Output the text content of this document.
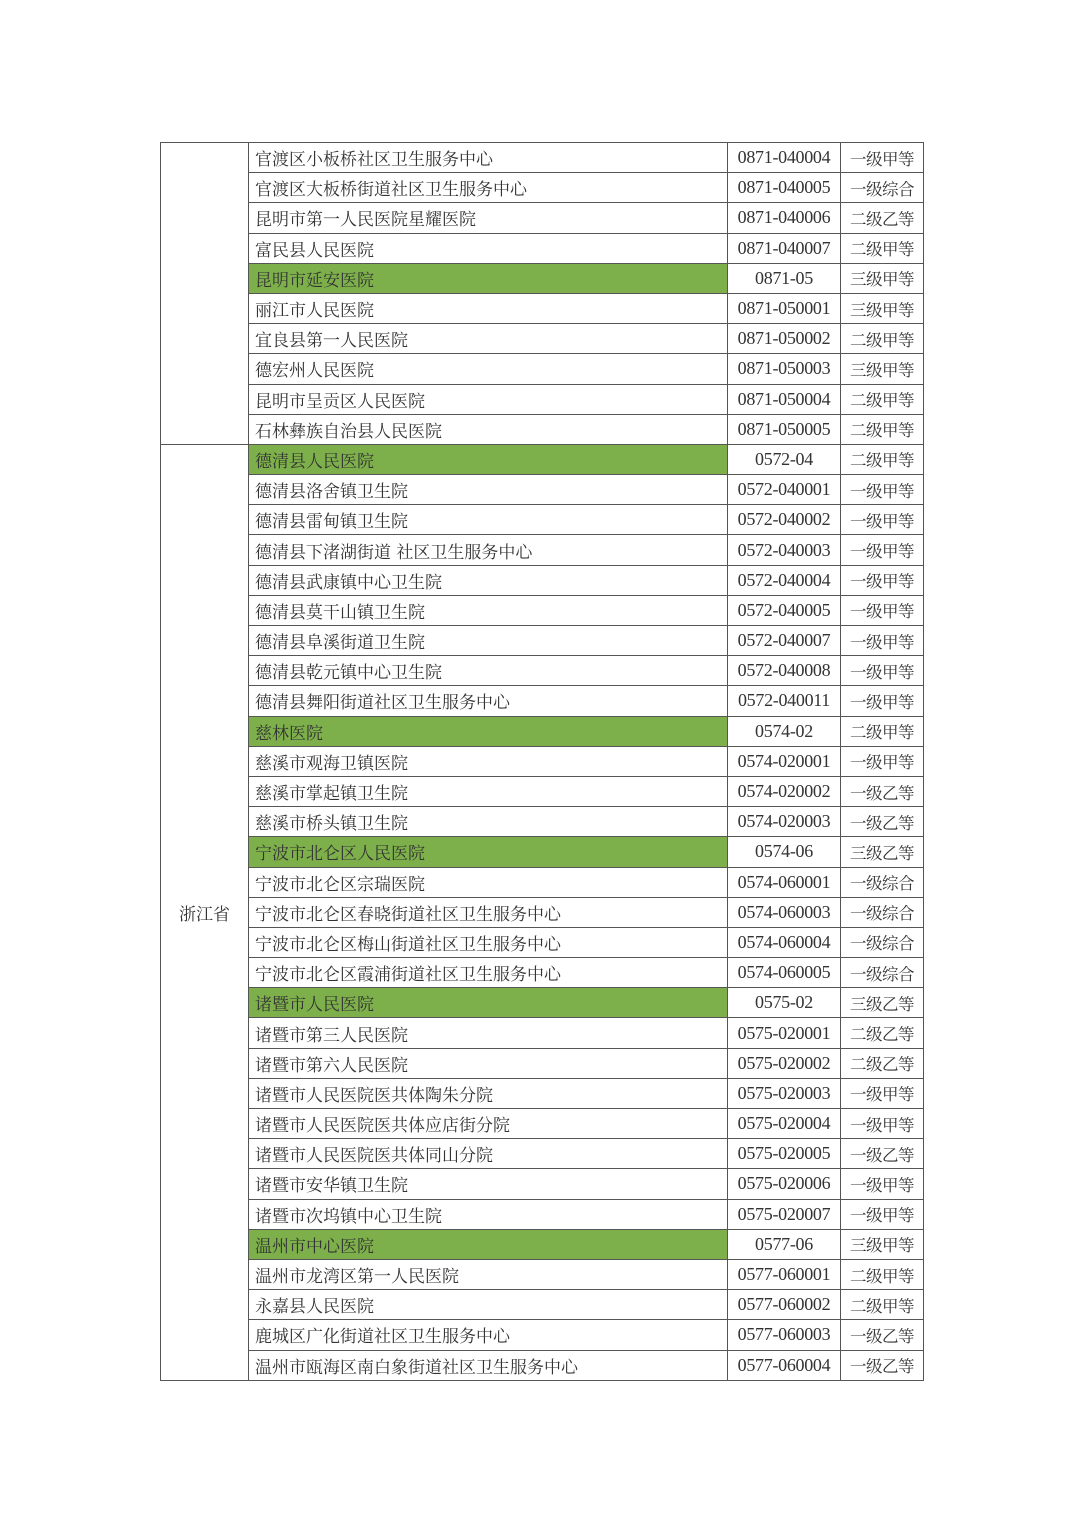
	官渡区小板桥社区卫生服务中心	0871-040004	一级甲等
	官渡区大板桥街道社区卫生服务中心	0871-040005	一级综合
	昆明市第一人民医院星耀医院	0871-040006	二级乙等
	富民县人民医院	0871-040007	二级甲等
	昆明市延安医院	0871-05	三级甲等
	丽江市人民医院	0871-050001	三级甲等
	宜良县第一人民医院	0871-050002	二级甲等
	德宏州人民医院	0871-050003	三级甲等
	昆明市呈贡区人民医院	0871-050004	二级甲等
	石林彝族自治县人民医院	0871-050005	二级甲等
浙江省	德清县人民医院	0572-04	二级甲等
	德清县洛舍镇卫生院	0572-040001	一级甲等
	德清县雷甸镇卫生院	0572-040002	一级甲等
	德清县下渚湖街道 社区卫生服务中心	0572-040003	一级甲等
	德清县武康镇中心卫生院	0572-040004	一级甲等
	德清县莫干山镇卫生院	0572-040005	一级甲等
	德清县阜溪街道卫生院	0572-040007	一级甲等
	德清县乾元镇中心卫生院	0572-040008	一级甲等
	德清县舞阳街道社区卫生服务中心	0572-040011	一级甲等
	慈林医院	0574-02	二级甲等
	慈溪市观海卫镇医院	0574-020001	一级甲等
	慈溪市掌起镇卫生院	0574-020002	一级乙等
	慈溪市桥头镇卫生院	0574-020003	一级乙等
	宁波市北仑区人民医院	0574-06	三级乙等
	宁波市北仑区宗瑞医院	0574-060001	一级综合
	宁波市北仑区春晓街道社区卫生服务中心	0574-060003	一级综合
	宁波市北仑区梅山街道社区卫生服务中心	0574-060004	一级综合
	宁波市北仑区霞浦街道社区卫生服务中心	0574-060005	一级综合
	诸暨市人民医院	0575-02	三级乙等
	诸暨市第三人民医院	0575-020001	二级乙等
	诸暨市第六人民医院	0575-020002	二级乙等
	诸暨市人民医院医共体陶朱分院	0575-020003	一级甲等
	诸暨市人民医院医共体应店街分院	0575-020004	一级甲等
	诸暨市人民医院医共体同山分院	0575-020005	一级乙等
	诸暨市安华镇卫生院	0575-020006	一级甲等
	诸暨市次坞镇中心卫生院	0575-020007	一级甲等
	温州市中心医院	0577-06	三级甲等
	温州市龙湾区第一人民医院	0577-060001	二级甲等
	永嘉县人民医院	0577-060002	二级甲等
	鹿城区广化街道社区卫生服务中心	0577-060003	一级乙等
	温州市瓯海区南白象街道社区卫生服务中心	0577-060004	一级乙等
